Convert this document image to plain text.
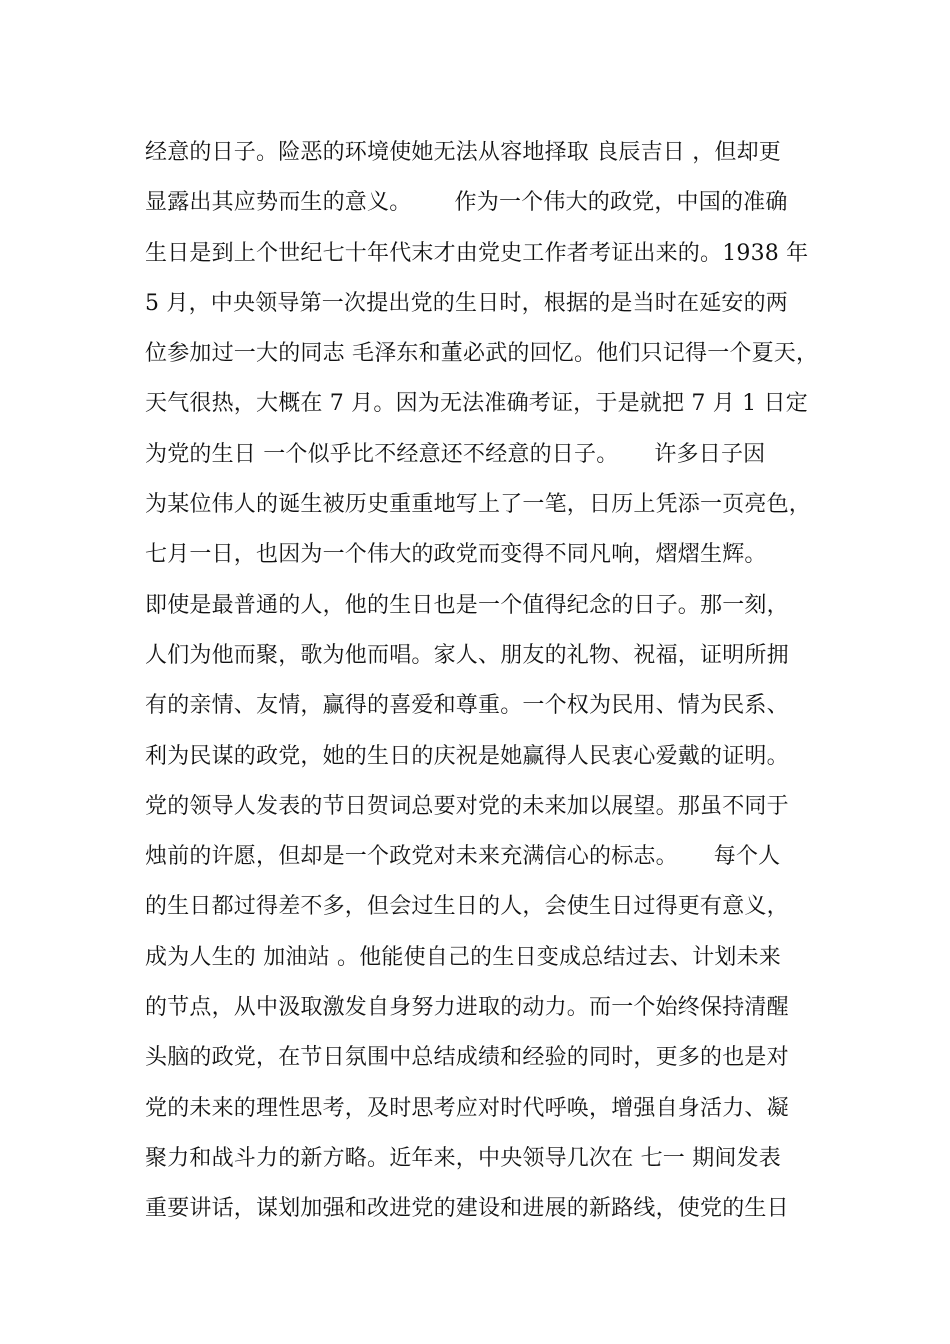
经意的日子。险恶的环境使她无法从容地择取 良辰吉日 ，但却更
显露出其应势而生的意义。      作为一个伟大的政党，中国的准确
生日是到上个世纪七十年代末才由党史工作者考证出来的。1938 年
5 月，中央领导第一次提出党的生日时，根据的是当时在延安的两
位参加过一大的同志 毛泽东和董必武的回忆。他们只记得一个夏天，
天气很热，大概在 7 月。因为无法准确考证，于是就把 7 月 1 日定
为党的生日 一个似乎比不经意还不经意的日子。     许多日子因
为某位伟人的诞生被历史重重地写上了一笔，日历上凭添一页亮色，
七月一日，也因为一个伟大的政党而变得不同凡响，熠熠生辉。
即使是最普通的人，他的生日也是一个值得纪念的日子。那一刻，
人们为他而聚，歌为他而唱。家人、朋友的礼物、祝福，证明所拥
有的亲情、友情，赢得的喜爱和尊重。一个权为民用、情为民系、
利为民谋的政党，她的生日的庆祝是她赢得人民衷心爱戴的证明。
党的领导人发表的节日贺词总要对党的未来加以展望。那虽不同于
烛前的许愿，但却是一个政党对未来充满信心的标志。     每个人
的生日都过得差不多，但会过生日的人，会使生日过得更有意义，
成为人生的 加油站 。他能使自己的生日变成总结过去、计划未来
的节点，从中汲取激发自身努力进取的动力。而一个始终保持清醒
头脑的政党，在节日氛围中总结成绩和经验的同时，更多的也是对
党的未来的理性思考，及时思考应对时代呼唤，增强自身活力、凝
聚力和战斗力的新方略。近年来，中央领导几次在 七一 期间发表
重要讲话，谋划加强和改进党的建设和进展的新路线，使党的生日
